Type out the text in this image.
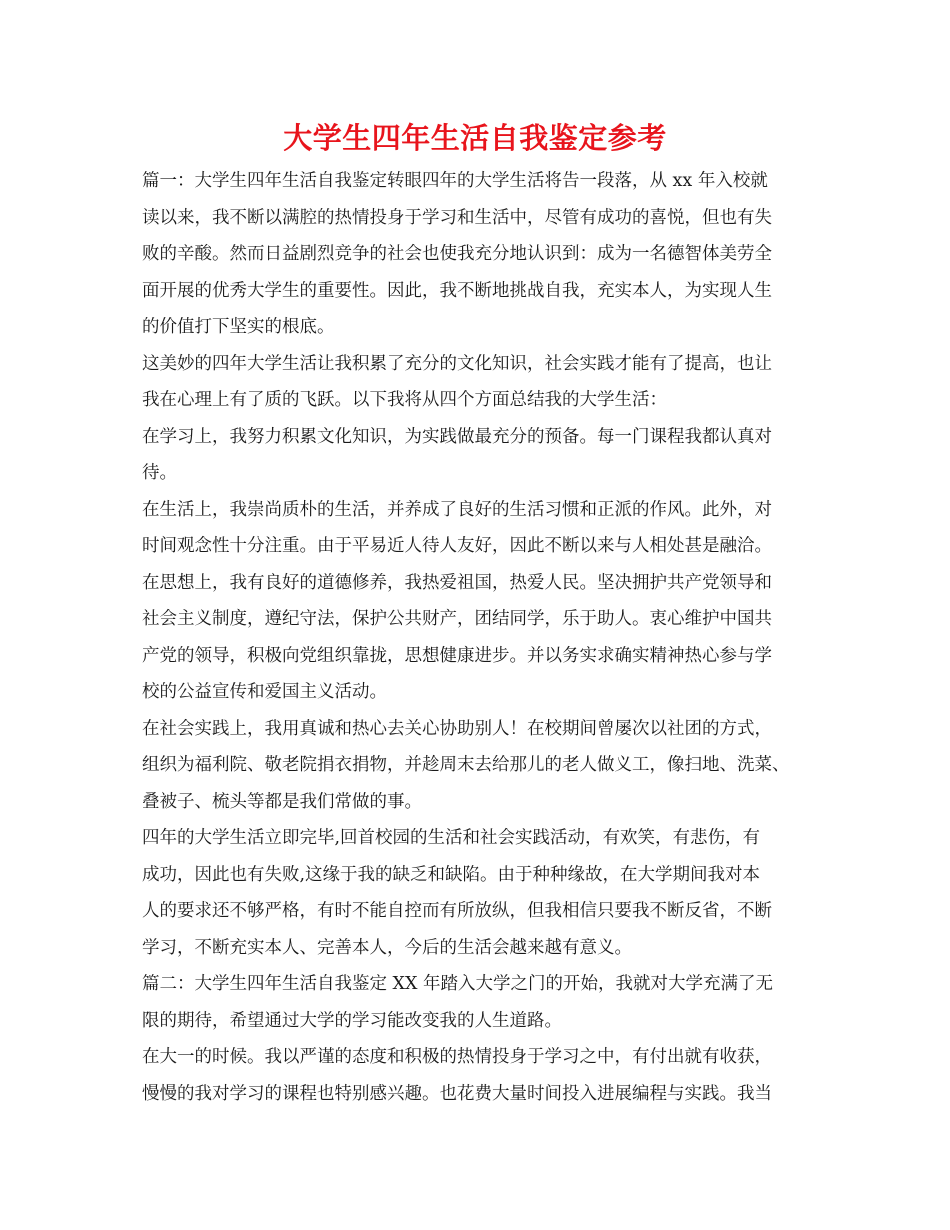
大学生四年生活自我鉴定参考
篇一：大学生四年生活自我鉴定转眼四年的大学生活将告一段落，从 xx 年入校就
读以来，我不断以满腔的热情投身于学习和生活中，尽管有成功的喜悦，但也有失
败的辛酸。然而日益剧烈竞争的社会也使我充分地认识到：成为一名德智体美劳全
面开展的优秀大学生的重要性。因此，我不断地挑战自我，充实本人，为实现人生
的价值打下坚实的根底。
这美妙的四年大学生活让我积累了充分的文化知识，社会实践才能有了提高，也让
我在心理上有了质的飞跃。以下我将从四个方面总结我的大学生活：
在学习上，我努力积累文化知识，为实践做最充分的预备。每一门课程我都认真对
待。
在生活上，我崇尚质朴的生活，并养成了良好的生活习惯和正派的作风。此外，对
时间观念性十分注重。由于平易近人待人友好，因此不断以来与人相处甚是融洽。
在思想上，我有良好的道德修养，我热爱祖国，热爱人民。坚决拥护共产党领导和
社会主义制度，遵纪守法，保护公共财产，团结同学，乐于助人。衷心维护中国共
产党的领导，积极向党组织靠拢，思想健康进步。并以务实求确实精神热心参与学
校的公益宣传和爱国主义活动。
在社会实践上，我用真诚和热心去关心协助别人！在校期间曾屡次以社团的方式，
组织为福利院、敬老院捐衣捐物，并趁周末去给那儿的老人做义工，像扫地、洗菜、
叠被子、梳头等都是我们常做的事。
四年的大学生活立即完毕,回首校园的生活和社会实践活动，有欢笑，有悲伤，有
成功，因此也有失败,这缘于我的缺乏和缺陷。由于种种缘故，在大学期间我对本
人的要求还不够严格，有时不能自控而有所放纵，但我相信只要我不断反省，不断
学习，不断充实本人、完善本人，今后的生活会越来越有意义。
篇二：大学生四年生活自我鉴定 XX 年踏入大学之门的开始，我就对大学充满了无
限的期待，希望通过大学的学习能改变我的人生道路。
在大一的时候。我以严谨的态度和积极的热情投身于学习之中，有付出就有收获，
慢慢的我对学习的课程也特别感兴趣。也花费大量时间投入进展编程与实践。我当
